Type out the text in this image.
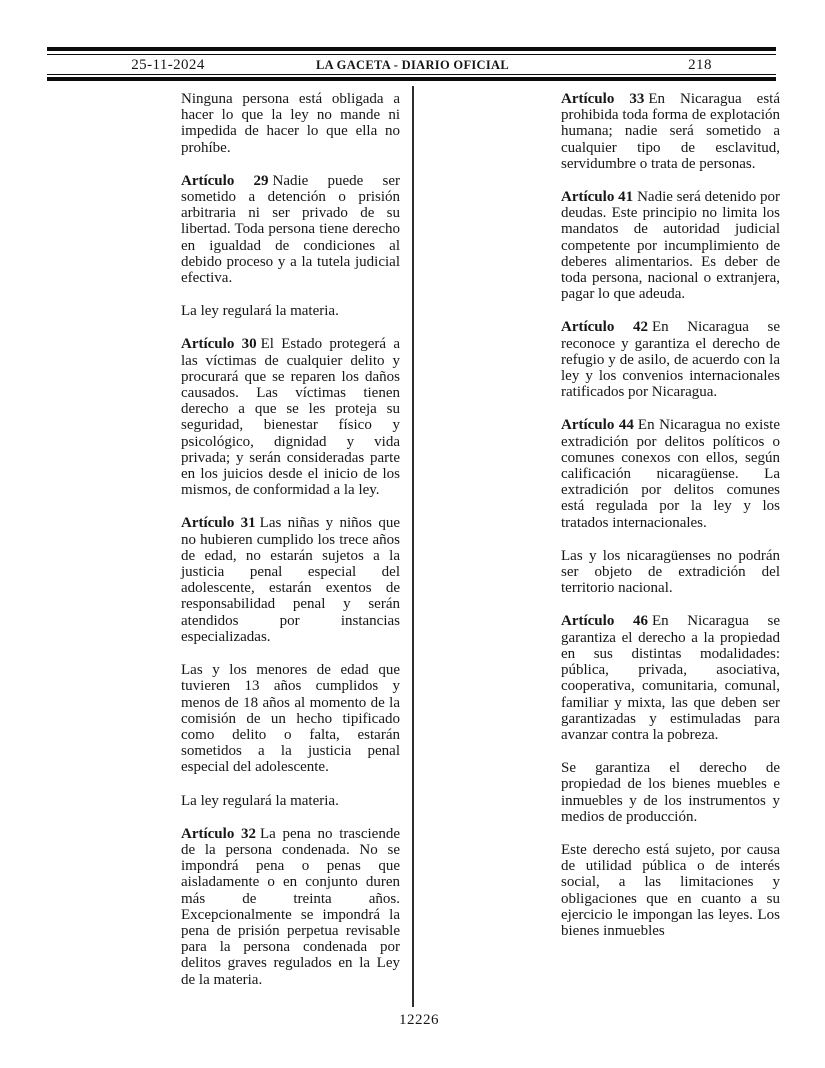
LA GACETA - DIARIO OFICIAL
25-11-2024	218

Ninguna persona está obligada a hacer lo que la ley no mande ni impedida de hacer lo que ella no prohíbe.

Artículo 29 Nadie puede ser sometido a detención o prisión arbitraria ni ser privado de su libertad. Toda persona tiene derecho en igualdad de condiciones al debido proceso y a la tutela judicial efectiva.

La ley regulará la materia.

Artículo 30 El Estado protegerá a las víctimas de cualquier delito y procurará que se reparen los daños causados. Las víctimas tienen derecho a que se les proteja su seguridad, bienestar físico y psicológico, dignidad y vida privada; y serán consideradas parte en los juicios desde el inicio de los mismos, de conformidad a la ley.

Artículo 31 Las niñas y niños que no hubieren cumplido los trece años de edad, no estarán sujetos a la justicia penal especial del adolescente, estarán exentos de responsabilidad penal y serán atendidos por instancias especializadas.

Las y los menores de edad que tuvieren 13 años cumplidos y menos de 18 años al momento de la comisión de un hecho tipificado como delito o falta, estarán sometidos a la justicia penal especial del adolescente.

La ley regulará la materia.

Artículo 32 La pena no trasciende de la persona condenada. No se impondrá pena o penas que aisladamente o en conjunto duren más de treinta años. Excepcionalmente se impondrá la pena de prisión perpetua revisable para la persona condenada por delitos graves regulados en la Ley de la materia.

Artículo 33 En Nicaragua está prohibida toda forma de explotación humana; nadie será sometido a cualquier tipo de esclavitud, servidumbre o trata de personas.

Artículo 41 Nadie será detenido por deudas. Este principio no limita los mandatos de autoridad judicial competente por incumplimiento de deberes alimentarios. Es deber de toda persona, nacional o extranjera, pagar lo que adeuda.

Artículo 42 En Nicaragua se reconoce y garantiza el derecho de refugio y de asilo, de acuerdo con la ley y los convenios internacionales ratificados por Nicaragua.

Artículo 44 En Nicaragua no existe extradición por delitos políticos o comunes conexos con ellos, según calificación nicaragüense. La extradición por delitos comunes está regulada por la ley y los tratados internacionales.

Las y los nicaragüenses no podrán ser objeto de extradición del territorio nacional.

Artículo 46 En Nicaragua se garantiza el derecho a la propiedad en sus distintas modalidades: pública, privada, asociativa, cooperativa, comunitaria, comunal, familiar y mixta, las que deben ser garantizadas y estimuladas para avanzar contra la pobreza.

Se garantiza el derecho de propiedad de los bienes muebles e inmuebles y de los instrumentos y medios de producción.

Este derecho está sujeto, por causa de utilidad pública o de interés social, a las limitaciones y obligaciones que en cuanto a su ejercicio le impongan las leyes. Los bienes inmuebles

12226
